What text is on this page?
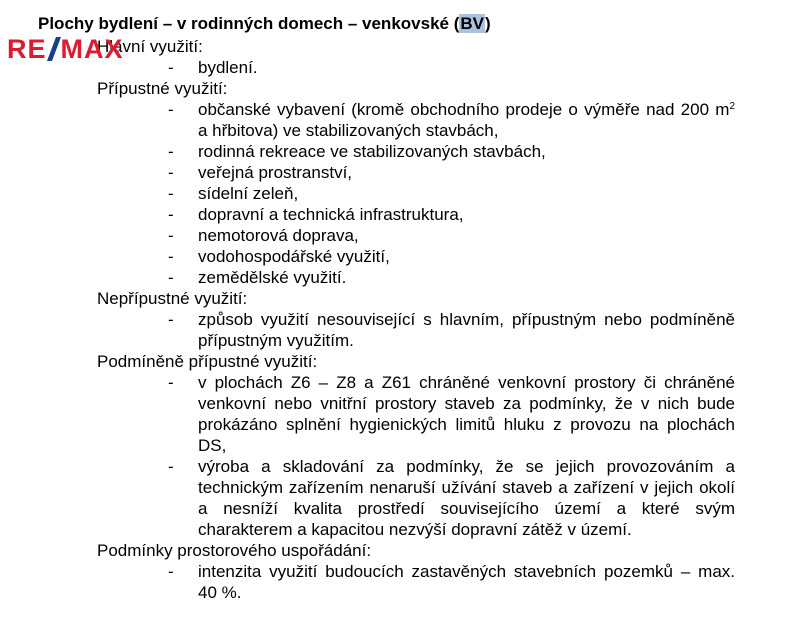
Plochy bydlení – v rodinných domech – venkovské (BV)

Hlavní využití:

- bydlení.

Přípustné využití:

- občanské vybavení (kromě obchodního prodeje o výměře nad 200 $m^2$ a hřbitova) ve stabilizovaných stavbách,
- rodinná rekreace ve stabilizovaných stavbách,
- veřejná prostranství,
- sídelní zeleň,
- dopravní a technická infrastruktura,
- nemotorová doprava,
- vodohospodářské využití,
- zemědělské využití.

Nepřípustné využití:

- způsob využití nesouvisející s hlavním, přípustným nebo podmíněně přípustným využitím.

Podmíněně přípustné využití:

- v plochách Z6 – Z8 a Z61 chráněné venkovní prostory či chráněné venkovní nebo vnitřní prostory staveb za podmínky, že v nich bude prokázáno splnění hygienických limitů hluku z provozu na plochách DS,
- výroba a skladování za podmínky, že se jejich provozováním a technickým zařízením nenaruší užívání staveb a zařízení v jejich okolí a nesníží kvalita prostředí souvisejícího území a které svým charakterem a kapacitou nezvýší dopravní zátěž v území.

Podmínky prostorového uspořádání:

- intenzita využití budoucích zastavěných stavebních pozemků – max. 40 %.
RE MAX
